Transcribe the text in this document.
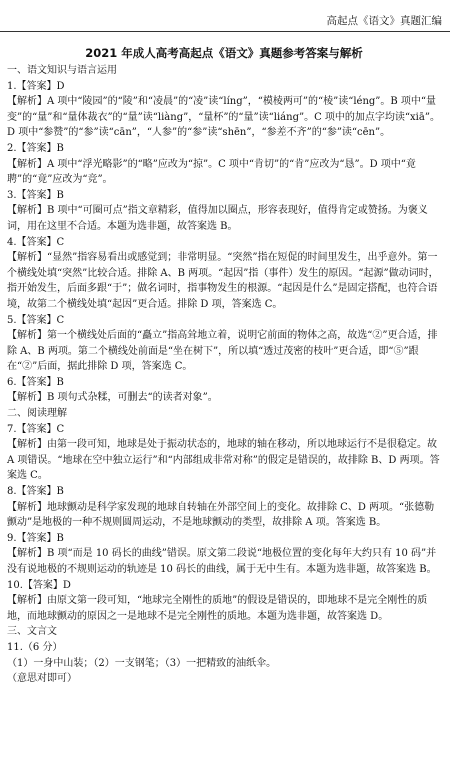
高起点《语文》真题汇编
2021 年成人高考高起点《语文》真题参考答案与解析
一、语文知识与语言运用
1.【答案】D
【解析】A 项中“陵园”的“陵”和“凌晨”的“凌”读“líng”，“模棱两可”的“棱”读“léng”。B 项中“量变”的“量”和“量体裁衣”的“量”读“liàng”，“量杯”的“量”读“liáng”。C 项中的加点字均读“xiā”。D 项中“参赞”的“参”读“cān”，“人参”的“参”读“shēn”，“参差不齐”的“参”读“cēn”。
2.【答案】B
【解析】A 项中“浮光略影”的“略”应改为“掠”。C 项中“肯切”的“肯”应改为“恳”。D 项中“竟聘”的“竟”应改为“竞”。
3.【答案】B
【解析】B 项中“可圈可点”指文章精彩，值得加以圈点，形容表现好，值得肯定或赞扬。为褒义词，用在这里不合适。本题为选非题，故答案选 B。
4.【答案】C
【解析】“显然”指容易看出或感觉到；非常明显。“突然”指在短促的时间里发生，出乎意外。第一个横线处填“突然”比较合适。排除 A、B 两项。“起因”指（事件）发生的原因。“起源”做动词时，指开始发生，后面多跟“于”；做名词时，指事物发生的根源。“起因是什么”是固定搭配，也符合语境，故第二个横线处填“起因”更合适。排除 D 项，答案选 C。
5.【答案】C
【解析】第一个横线处后面的“矗立”指高耸地立着，说明它前面的物体之高，故选“②”更合适，排除 A、B 两项。第二个横线处前面是“坐在树下”，所以填“透过茂密的枝叶”更合适，即“⑤”跟在“②”后面，据此排除 D 项，答案选 C。
6.【答案】B
【解析】B 项句式杂糅，可删去“的读者对象”。
二、阅读理解
7.【答案】C
【解析】由第一段可知，地球是处于振动状态的，地球的轴在移动，所以地球运行不是很稳定。故 A 项错误。“地球在空中独立运行”和“内部组成非常对称”的假定是错误的，故排除 B、D 两项。答案选 C。
8.【答案】B
【解析】地球颤动是科学家发现的地球自转轴在外部空间上的变化。故排除 C、D 两项。“张德勒颤动”是地极的一种不规则圆周运动，不是地球颤动的类型，故排除 A 项。答案选 B。
9.【答案】B
【解析】B 项“而是 10 码长的曲线”错误。原文第二段说“地极位置的变化每年大约只有 10 码”并没有说地极的不规则运动的轨迹是 10 码长的曲线，属于无中生有。本题为选非题，故答案选 B。
10.【答案】D
【解析】由原文第一段可知，“地球完全刚性的质地”的假设是错误的，即地球不是完全刚性的质地，而地球颤动的原因之一是地球不是完全刚性的质地。本题为选非题，故答案选 D。
三、文言文
11.（6 分）
（1）一身中山装；（2）一支钢笔；（3）一把精致的油纸伞。
（意思对即可）
